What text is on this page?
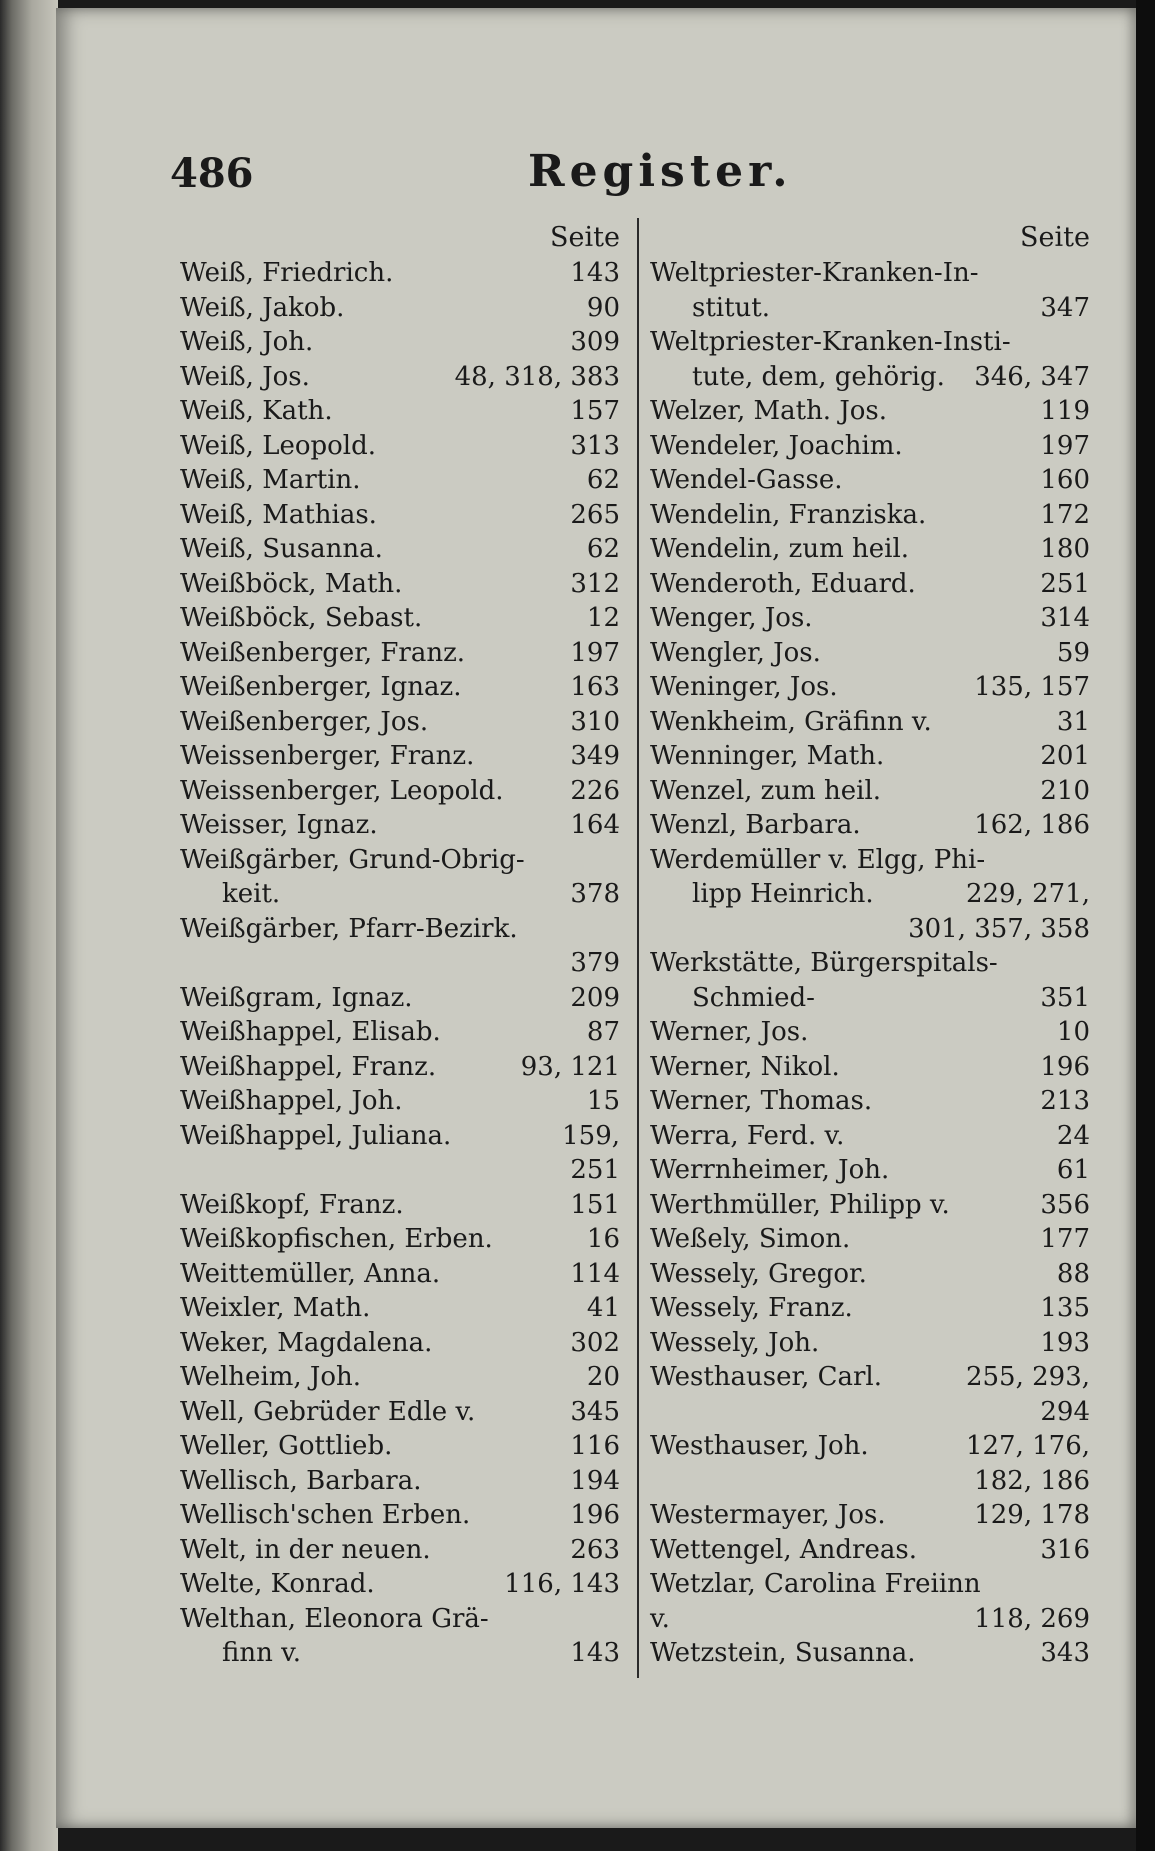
486	Register.
Seite
Weiß, Friedrich.	143
Weiß, Jakob.	90
Weiß, Joh.	309
Weiß, Jos.	48, 318, 383
Weiß, Kath.	157
Weiß, Leopold.	313
Weiß, Martin.	62
Weiß, Mathias.	265
Weiß, Susanna.	62
Weißböck, Math.	312
Weißböck, Sebast.	12
Weißenberger, Franz.	197
Weißenberger, Ignaz.	163
Weißenberger, Jos.	310
Weissenberger, Franz.	349
Weissenberger, Leopold.	226
Weisser, Ignaz.	164
Weißgärber, Grund-Obrig-
keit.	378
Weißgärber, Pfarr-Bezirk.
379
Weißgram, Ignaz.	209
Weißhappel, Elisab.	87
Weißhappel, Franz.	93, 121
Weißhappel, Joh.	15
Weißhappel, Juliana.	159,
251
Weißkopf, Franz.	151
Weißkopfischen, Erben.	16
Weittemüller, Anna.	114
Weixler, Math.	41
Weker, Magdalena.	302
Welheim, Joh.	20
Well, Gebrüder Edle v.	345
Weller, Gottlieb.	116
Wellisch, Barbara.	194
Wellisch'schen Erben.	196
Welt, in der neuen.	263
Welte, Konrad.	116, 143
Welthan, Eleonora Grä-
finn v.	143
Seite
Weltpriester-Kranken-In-
stitut.	347
Weltpriester-Kranken-Insti-
tute, dem, gehörig. 346, 347
Welzer, Math. Jos.	119
Wendeler, Joachim.	197
Wendel-Gasse.	160
Wendelin, Franziska.	172
Wendelin, zum heil.	180
Wenderoth, Eduard.	251
Wenger, Jos.	314
Wengler, Jos.	59
Weninger, Jos.	135, 157
Wenkheim, Gräfinn v.	31
Wenninger, Math.	201
Wenzel, zum heil.	210
Wenzl, Barbara.	162, 186
Werdemüller v. Elgg, Phi-
lipp Heinrich.	229, 271,
301, 357, 358
Werkstätte, Bürgerspitals-
Schmied-	351
Werner, Jos.	10
Werner, Nikol.	196
Werner, Thomas.	213
Werra, Ferd. v.	24
Werrnheimer, Joh.	61
Werthmüller, Philipp v.	356
Weßely, Simon.	177
Wessely, Gregor.	88
Wessely, Franz.	135
Wessely, Joh.	193
Westhauser, Carl.	255, 293,
294
Westhauser, Joh.	127, 176,
182, 186
Westermayer, Jos.	129, 178
Wettengel, Andreas.	316
Wetzlar, Carolina Freiinn
v.	118, 269
Wetzstein, Susanna.	343
